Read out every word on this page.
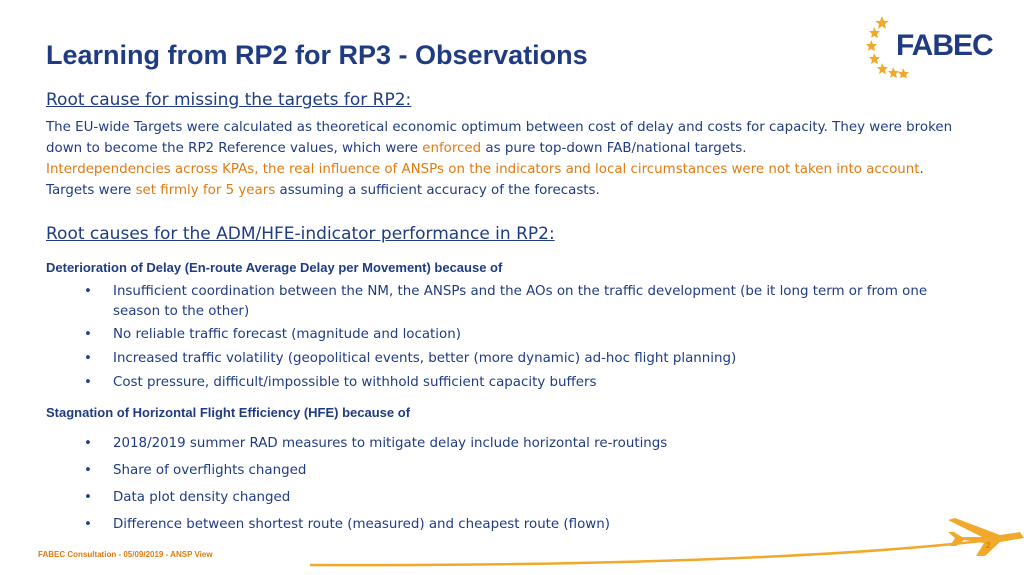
Learning from RP2 for RP3 - Observations	FABEC
Root cause for missing the targets for RP2:
The EU-wide Targets were calculated as theoretical economic optimum between cost of delay and costs for capacity. They were broken down to become the RP2 Reference values, which were enforced as pure top-down FAB/national targets.
Interdependencies across KPAs, the real influence of ANSPs on the indicators and local circumstances were not taken into account.
Targets were set firmly for 5 years assuming a sufficient accuracy of the forecasts.
Root causes for the ADM/HFE-indicator performance in RP2:
Deterioration of Delay (En-route Average Delay per Movement) because of
• Insufficient coordination between the NM, the ANSPs and the AOs on the traffic development (be it long term or from one season to the other)
• No reliable traffic forecast (magnitude and location)
• Increased traffic volatility (geopolitical events, better (more dynamic) ad-hoc flight planning)
• Cost pressure, difficult/impossible to withhold sufficient capacity buffers
Stagnation of Horizontal Flight Efficiency (HFE) because of
• 2018/2019 summer RAD measures to mitigate delay include horizontal re-routings
• Share of overflights changed
• Data plot density changed
• Difference between shortest route (measured) and cheapest route (flown)
FABEC Consultation - 05/09/2019 - ANSP View
2
